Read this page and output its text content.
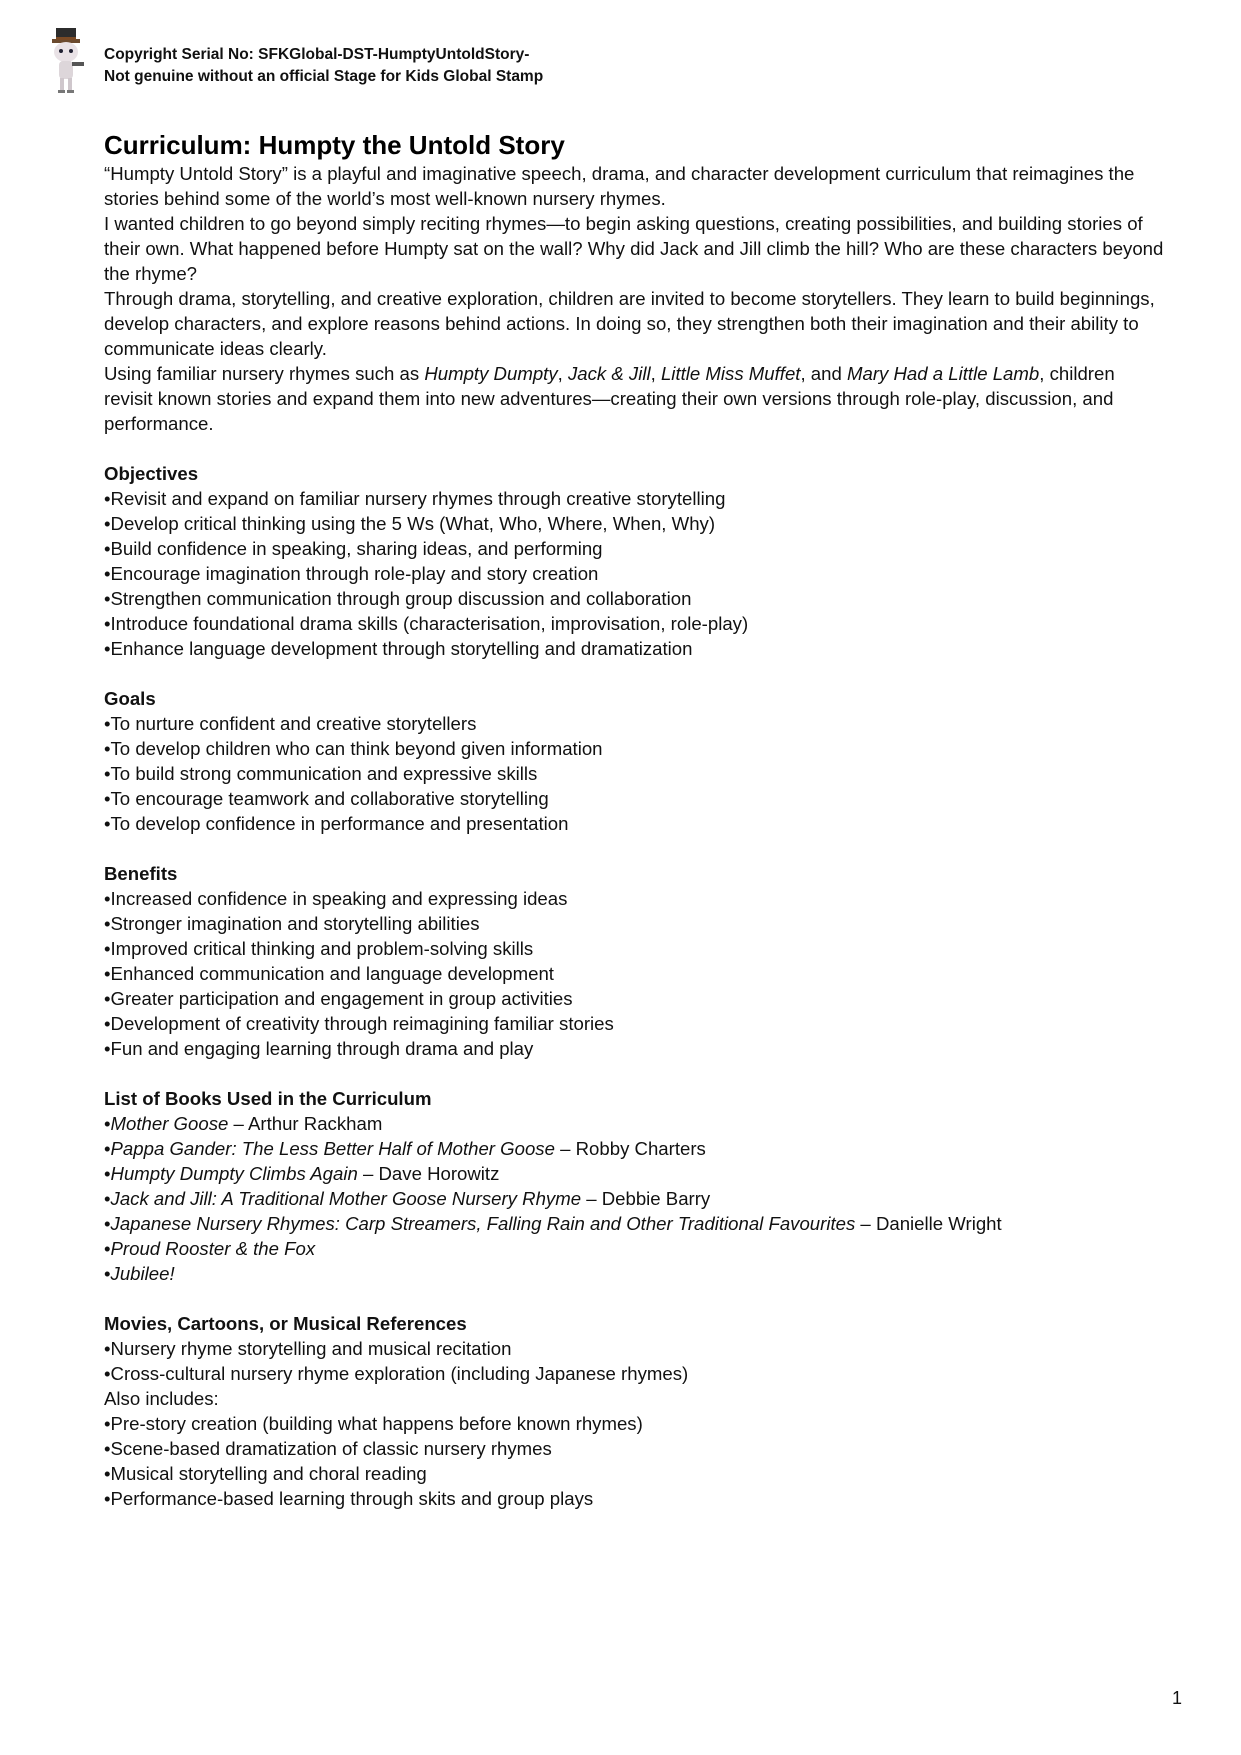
Copyright Serial No: SFKGlobal-DST-HumptyUntoldStory-
Not genuine without an official Stage for Kids Global Stamp
Curriculum: Humpty the Untold Story

“Humpty Untold Story” is a playful and imaginative speech, drama, and character development curriculum that reimagines the stories behind some of the world’s most well-known nursery rhymes.

I wanted children to go beyond simply reciting rhymes—to begin asking questions, creating possibilities, and building stories of their own. What happened before Humpty sat on the wall? Why did Jack and Jill climb the hill? Who are these characters beyond the rhyme?

Through drama, storytelling, and creative exploration, children are invited to become storytellers. They learn to build beginnings, develop characters, and explore reasons behind actions. In doing so, they strengthen both their imagination and their ability to communicate ideas clearly.

Using familiar nursery rhymes such as Humpty Dumpty, Jack & Jill, Little Miss Muffet, and Mary Had a Little Lamb, children revisit known stories and expand them into new adventures—creating their own versions through role-play, discussion, and performance.

Objectives
• Revisit and expand on familiar nursery rhymes through creative storytelling
• Develop critical thinking using the 5 Ws (What, Who, Where, When, Why)
• Build confidence in speaking, sharing ideas, and performing
• Encourage imagination through role-play and story creation
• Strengthen communication through group discussion and collaboration
• Introduce foundational drama skills (characterisation, improvisation, role-play)
• Enhance language development through storytelling and dramatization
Goals
• To nurture confident and creative storytellers
• To develop children who can think beyond given information
• To build strong communication and expressive skills
• To encourage teamwork and collaborative storytelling
• To develop confidence in performance and presentation
Benefits
• Increased confidence in speaking and expressing ideas
• Stronger imagination and storytelling abilities
• Improved critical thinking and problem-solving skills
• Enhanced communication and language development
• Greater participation and engagement in group activities
• Development of creativity through reimagining familiar stories
• Fun and engaging learning through drama and play
List of Books Used in the Curriculum
• Mother Goose – Arthur Rackham
• Pappa Gander: The Less Better Half of Mother Goose – Robby Charters
• Humpty Dumpty Climbs Again – Dave Horowitz
• Jack and Jill: A Traditional Mother Goose Nursery Rhyme – Debbie Barry
• Japanese Nursery Rhymes: Carp Streamers, Falling Rain and Other Traditional Favourites – Danielle Wright
• Proud Rooster & the Fox
• Jubilee!
Movies, Cartoons, or Musical References
• Nursery rhyme storytelling and musical recitation
• Cross-cultural nursery rhyme exploration (including Japanese rhymes)
Also includes:
• Pre-story creation (building what happens before known rhymes)
• Scene-based dramatization of classic nursery rhymes
• Musical storytelling and choral reading
• Performance-based learning through skits and group plays
1
